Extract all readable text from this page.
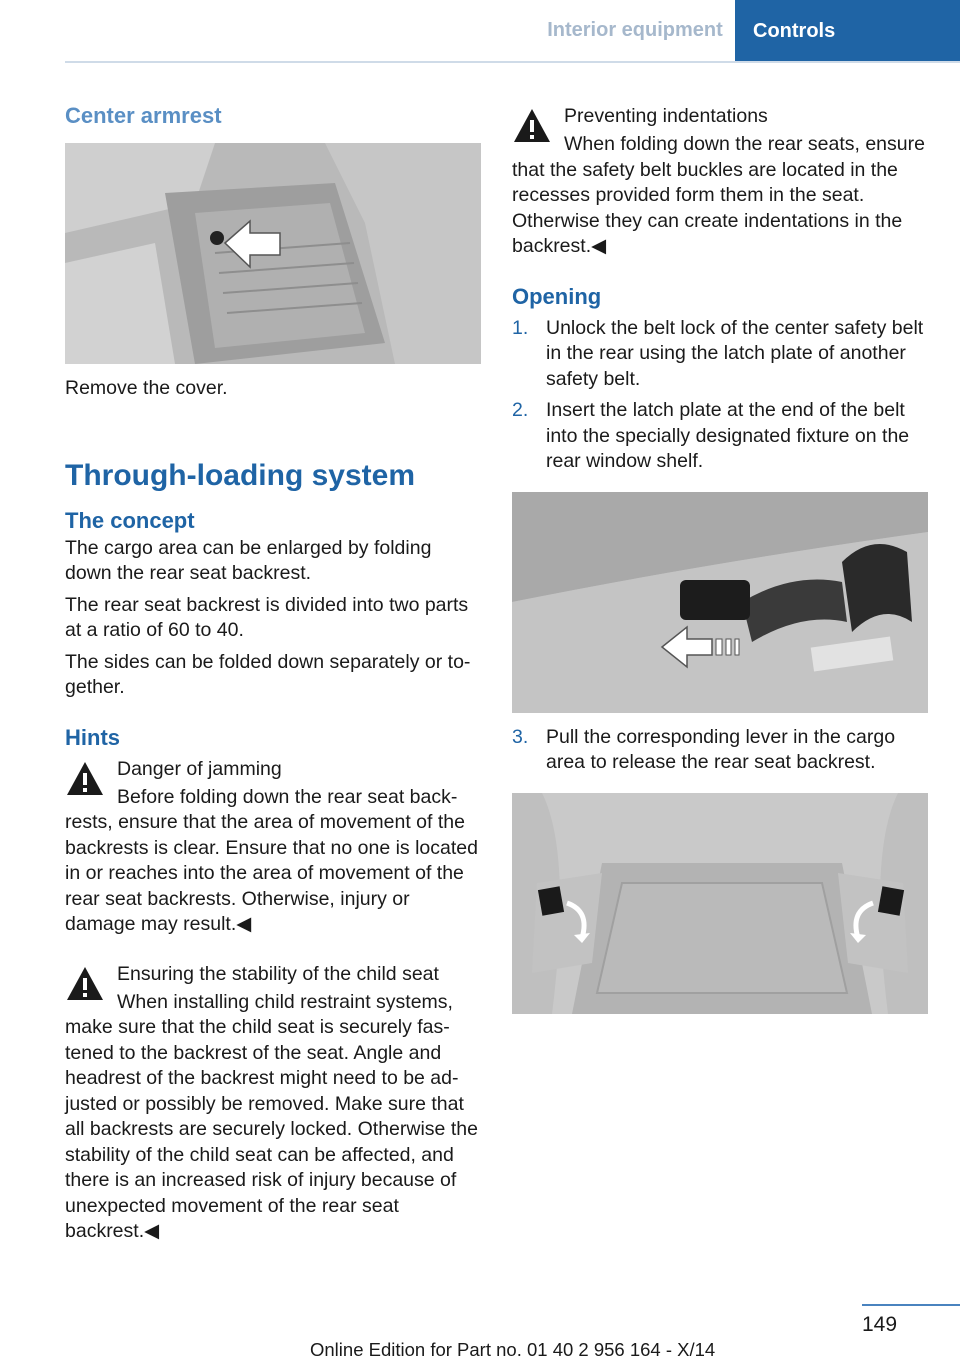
Interior equipment	Controls
Center armrest

Remove the cover.

Through-loading system
The concept

The cargo area can be enlarged by folding down the rear seat backrest.

The rear seat backrest is divided into two parts at a ratio of 60 to 40.

The sides can be folded down separately or together.

Hints
Danger of jamming

Before folding down the rear seat backrests, ensure that the area of movement of the backrests is clear. Ensure that no one is located in or reaches into the area of movement of the rear seat backrests. Otherwise, injury or damage may result.◀

Ensuring the stability of the child seat

When installing child restraint systems, make sure that the child seat is securely fastened to the backrest of the seat. Angle and headrest of the backrest might need to be adjusted or possibly be removed. Make sure that all backrests are securely locked. Otherwise the stability of the child seat can be affected, and there is an increased risk of injury because of unexpected movement of the rear seat backrest.◀

Preventing indentations

When folding down the rear seats, ensure that the safety belt buckles are located in the recesses provided form them in the seat. Otherwise they can create indentations in the backrest.◀

Opening
1. Unlock the belt lock of the center safety belt in the rear using the latch plate of another safety belt.
2. Insert the latch plate at the end of the belt into the specially designated fixture on the rear window shelf.
3. Pull the corresponding lever in the cargo area to release the rear seat backrest.
149
Online Edition for Part no. 01 40 2 956 164 - X/14
